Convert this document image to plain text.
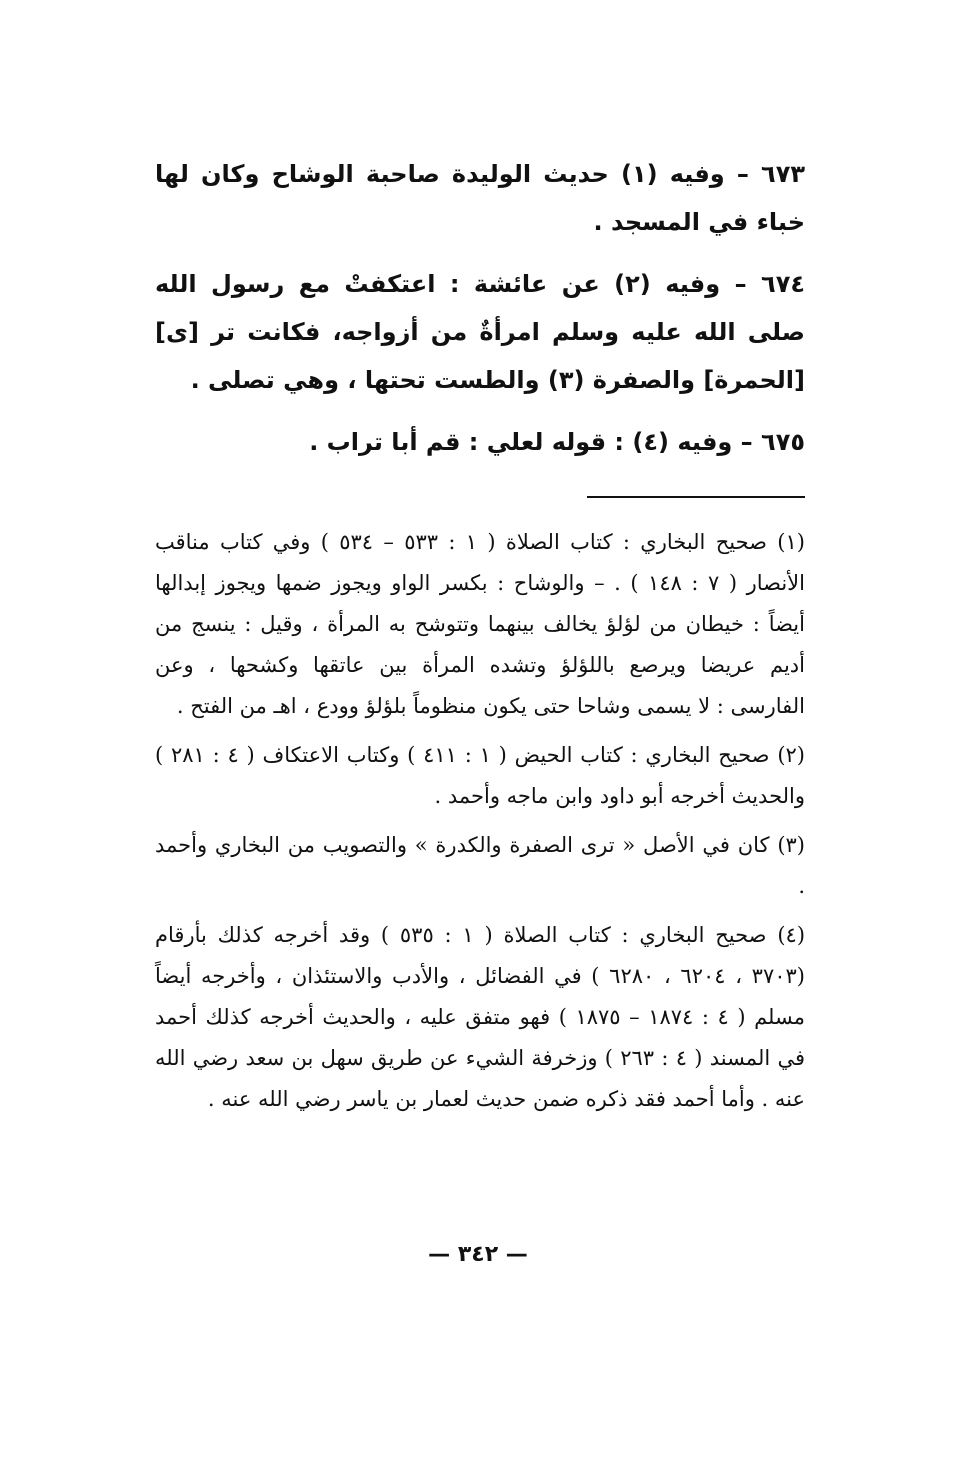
٦٧٣ – وفيه (١) حديث الوليدة صاحبة الوشاح وكان لها خباء في المسجد .

٦٧٤ – وفيه (٢) عن عائشة : اعتكفتْ مع رسول الله صلى الله عليه وسلم امرأةٌ من أزواجه، فكانت تر [ى] [الحمرة] والصفرة (٣) والطست تحتها ، وهي تصلى .

٦٧٥ – وفيه (٤) : قوله لعلي : قم أبا تراب .

(١) صحيح البخاري : كتاب الصلاة ( ١ : ٥٣٣ – ٥٣٤ ) وفي كتاب مناقب الأنصار ( ٧ : ١٤٨ ) . – والوشاح : بكسر الواو ويجوز ضمها ويجوز إبدالها أيضاً : خيطان من لؤلؤ يخالف بينهما وتتوشح به المرأة ، وقيل : ينسج من أديم عريضا ويرصع باللؤلؤ وتشده المرأة بين عاتقها وكشحها ، وعن الفارسى : لا يسمى وشاحا حتى يكون منظوماً بلؤلؤ وودع ، اهـ من الفتح .

(٢) صحيح البخاري : كتاب الحيض ( ١ : ٤١١ ) وكتاب الاعتكاف ( ٤ : ٢٨١ ) والحديث أخرجه أبو داود وابن ماجه وأحمد .

(٣) كان في الأصل « ترى الصفرة والكدرة » والتصويب من البخاري وأحمد .

(٤) صحيح البخاري : كتاب الصلاة ( ١ : ٥٣٥ ) وقد أخرجه كذلك بأرقام (٣٧٠٣ ، ٦٢٠٤ ، ٦٢٨٠ ) في الفضائل ، والأدب والاستئذان ، وأخرجه أيضاً مسلم ( ٤ : ١٨٧٤ – ١٨٧٥ ) فهو متفق عليه ، والحديث أخرجه كذلك أحمد في المسند ( ٤ : ٢٦٣ ) وزخرفة الشيء عن طريق سهل بن سعد رضي الله عنه . وأما أحمد فقد ذكره ضمن حديث لعمار بن ياسر رضي الله عنه .

— ٣٤٢ —
